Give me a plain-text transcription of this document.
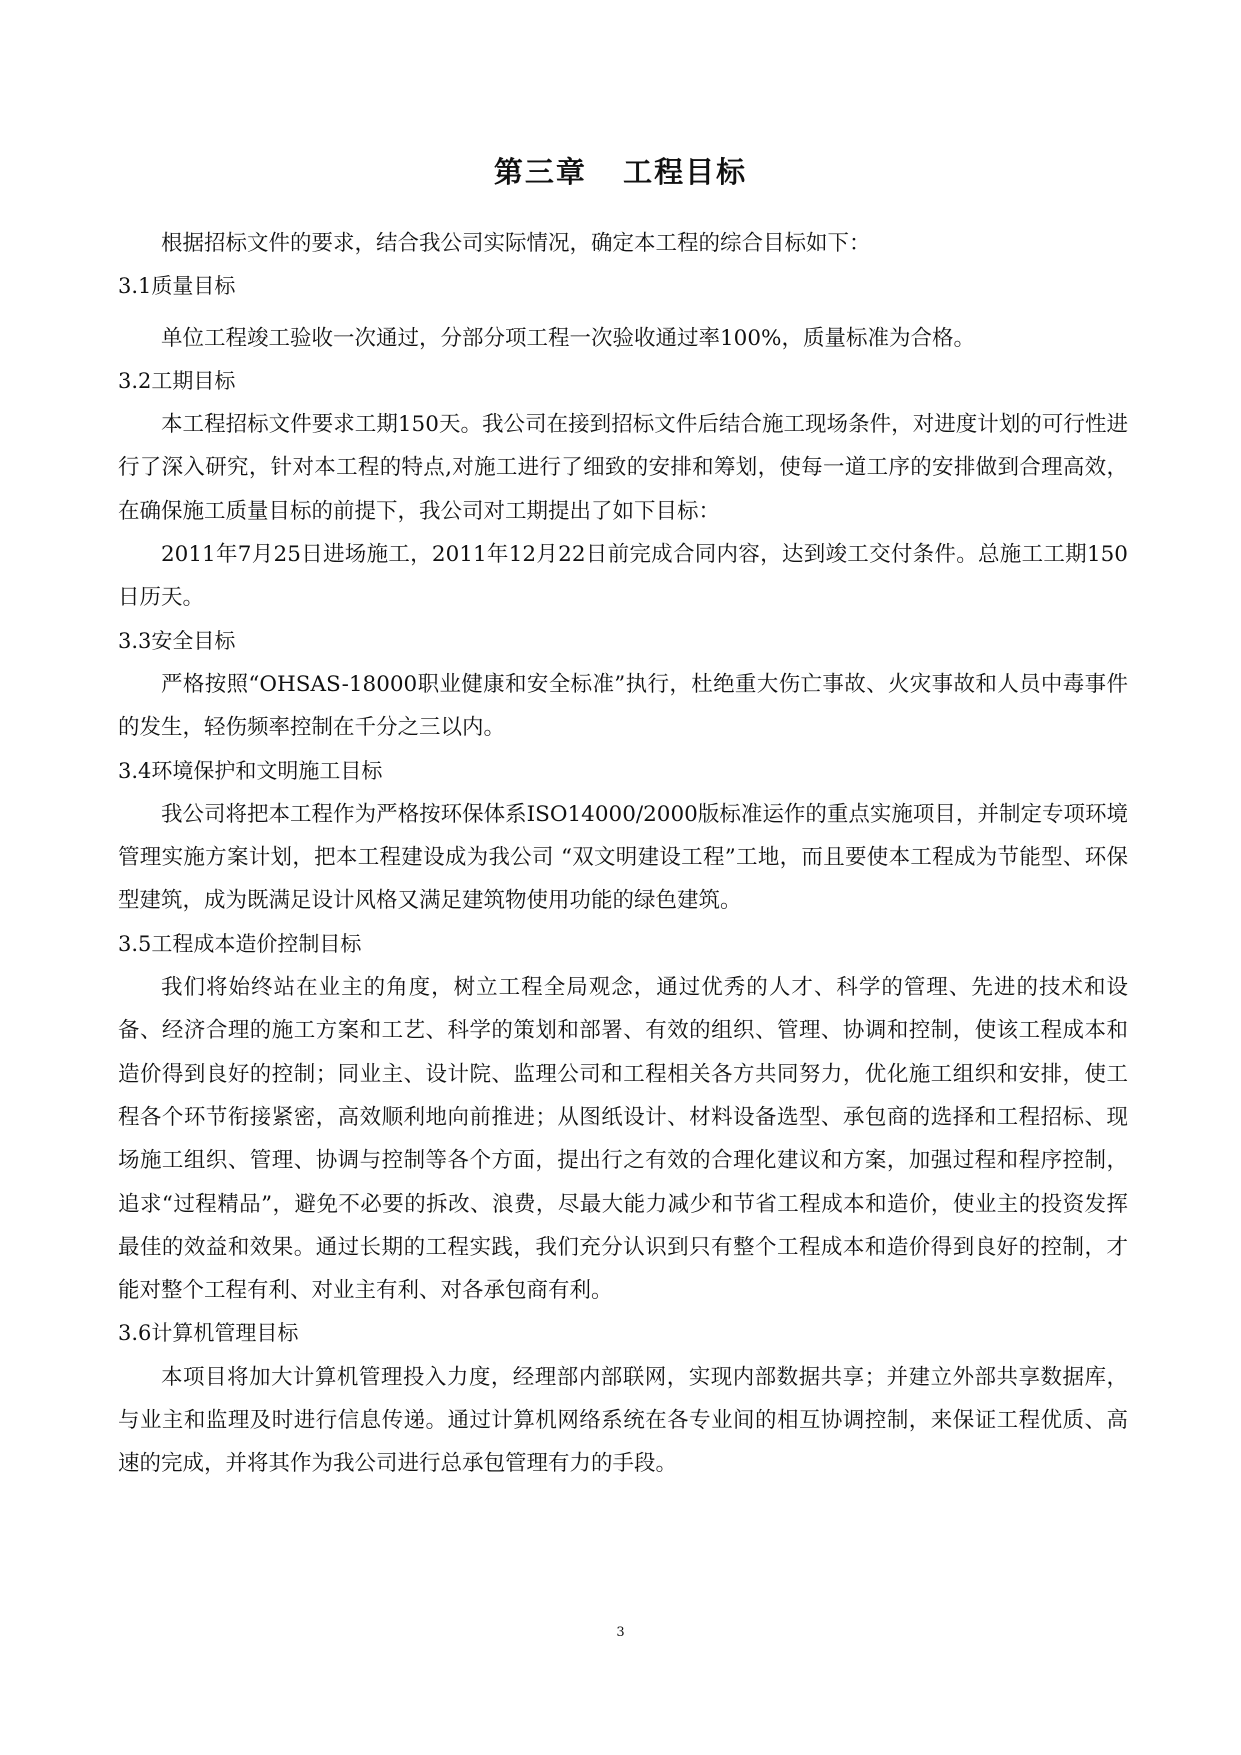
第三章   工程目标

根据招标文件的要求，结合我公司实际情况，确定本工程的综合目标如下：

3.1质量目标

单位工程竣工验收一次通过，分部分项工程一次验收通过率100%，质量标准为合格。

3.2工期目标

本工程招标文件要求工期150天。我公司在接到招标文件后结合施工现场条件，对进度计划的可行性进行了深入研究，针对本工程的特点,对施工进行了细致的安排和筹划，使每一道工序的安排做到合理高效，在确保施工质量目标的前提下，我公司对工期提出了如下目标：

2011年7月25日进场施工，2011年12月22日前完成合同内容，达到竣工交付条件。总施工工期150日历天。

3.3安全目标

严格按照“OHSAS-18000职业健康和安全标准”执行，杜绝重大伤亡事故、火灾事故和人员中毒事件的发生，轻伤频率控制在千分之三以内。

3.4环境保护和文明施工目标

我公司将把本工程作为严格按环保体系ISO14000/2000版标准运作的重点实施项目，并制定专项环境管理实施方案计划，把本工程建设成为我公司 “双文明建设工程”工地，而且要使本工程成为节能型、环保型建筑，成为既满足设计风格又满足建筑物使用功能的绿色建筑。

3.5工程成本造价控制目标

我们将始终站在业主的角度，树立工程全局观念，通过优秀的人才、科学的管理、先进的技术和设备、经济合理的施工方案和工艺、科学的策划和部署、有效的组织、管理、协调和控制，使该工程成本和造价得到良好的控制；同业主、设计院、监理公司和工程相关各方共同努力，优化施工组织和安排，使工程各个环节衔接紧密，高效顺利地向前推进；从图纸设计、材料设备选型、承包商的选择和工程招标、现场施工组织、管理、协调与控制等各个方面，提出行之有效的合理化建议和方案，加强过程和程序控制，追求“过程精品”，避免不必要的拆改、浪费，尽最大能力减少和节省工程成本和造价，使业主的投资发挥最佳的效益和效果。通过长期的工程实践，我们充分认识到只有整个工程成本和造价得到良好的控制，才能对整个工程有利、对业主有利、对各承包商有利。

3.6计算机管理目标

本项目将加大计算机管理投入力度，经理部内部联网，实现内部数据共享；并建立外部共享数据库，与业主和监理及时进行信息传递。通过计算机网络系统在各专业间的相互协调控制，来保证工程优质、高速的完成，并将其作为我公司进行总承包管理有力的手段。

3
